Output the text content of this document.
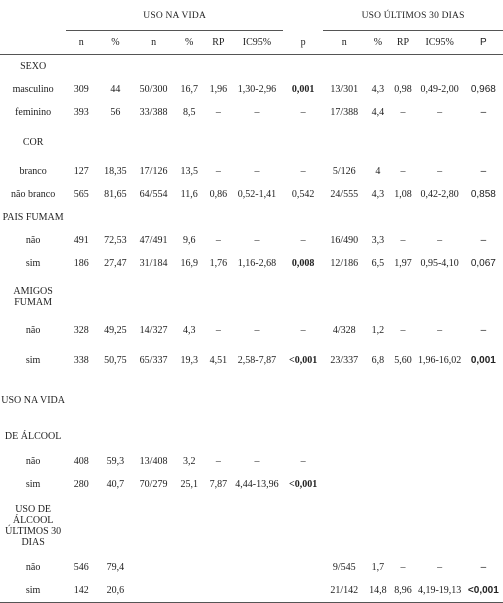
	USO NA VIDA							USO ÚLTIMOS 30 DIAS				
	n	%	n	%	RP	IC95%	p	n	%	RP	IC95%	P
SEXO												
masculino	309	44	50/300	16,7	1,96	1,30-2,96	0,001	13/301	4,3	0,98	0,49-2,00	0,968
feminino	393	56	33/388	8,5	–	–	–	17/388	4,4	–	–	–
COR												
branco	127	18,35	17/126	13,5	–	–	–	5/126	4	–	–	–
não branco	565	81,65	64/554	11,6	0,86	0,52-1,41	0,542	24/555	4,3	1,08	0,42-2,80	0,858
PAIS FUMAM												
não	491	72,53	47/491	9,6	–	–	–	16/490	3,3	–	–	–
sim	186	27,47	31/184	16,9	1,76	1,16-2,68	0,008	12/186	6,5	1,97	0,95-4,10	0,067
AMIGOS FUMAM												
não	328	49,25	14/327	4,3	–	–	–	4/328	1,2	–	–	–
sim	338	50,75	65/337	19,3	4,51	2,58-7,87	<0,001	23/337	6,8	5,60	1,96-16,02	0,001
USO NA VIDA												
DE ÁLCOOL												
não	408	59,3	13/408	3,2	–	–	–					
sim	280	40,7	70/279	25,1	7,87	4,44-13,96	<0,001					
USO DE ÁLCOOL ÚLTIMOS 30 DIAS												
não	546	79,4						9/545	1,7	–	–	–
sim	142	20,6						21/142	14,8	8,96	4,19-19,13	<0,001
